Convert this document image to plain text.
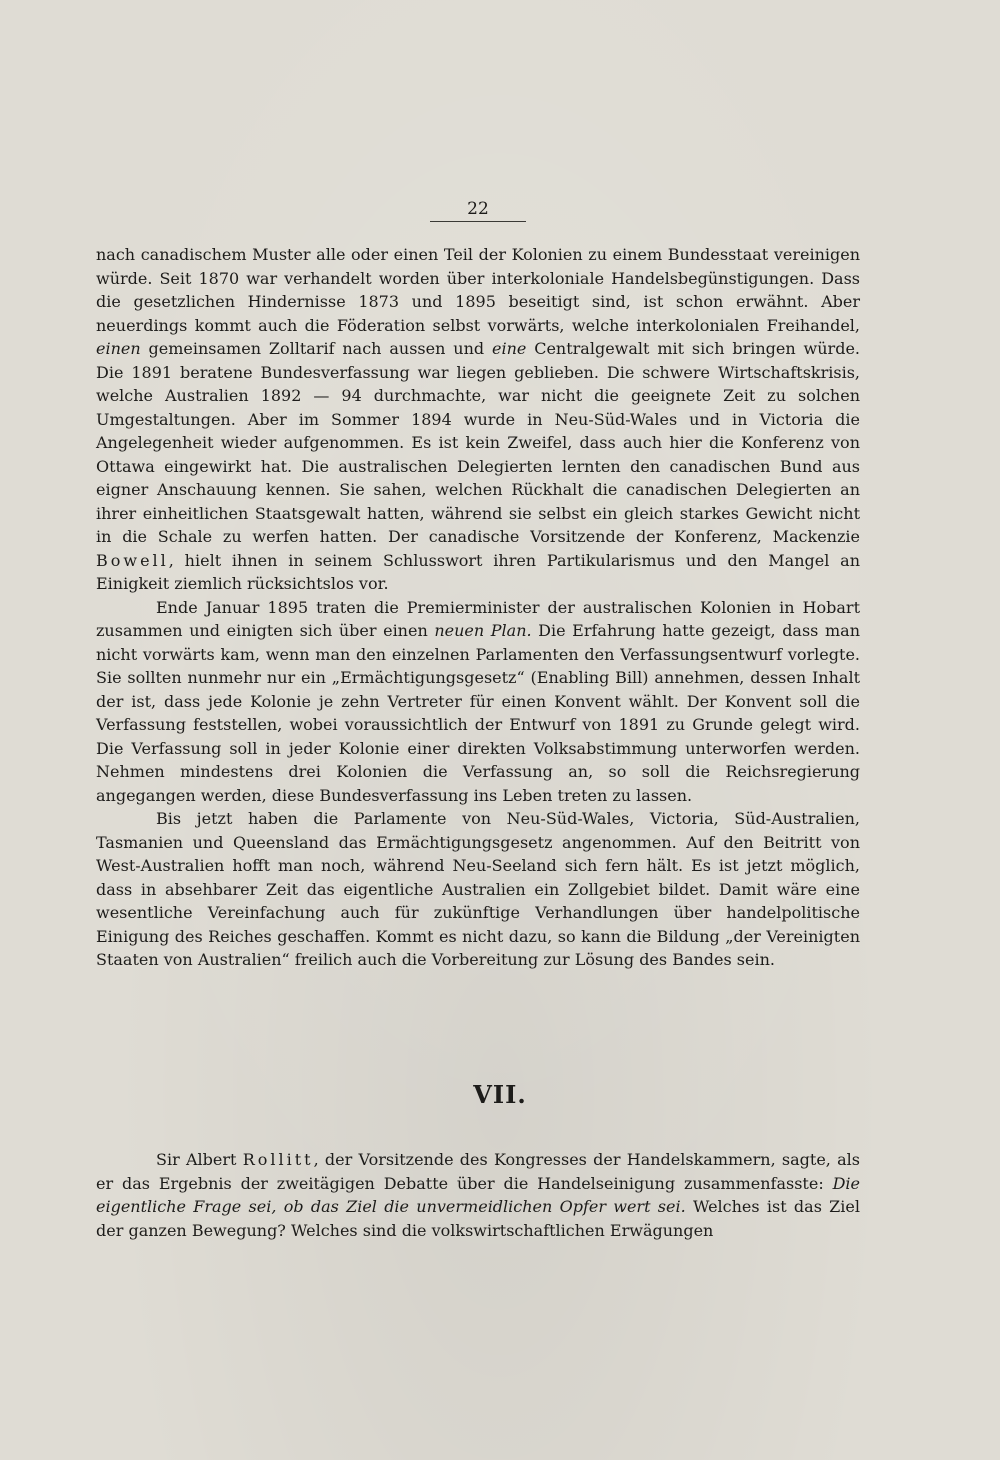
22

nach canadischem Muster alle oder einen Teil der Kolonien zu einem Bundesstaat vereinigen würde. Seit 1870 war verhandelt worden über interkoloniale Handelsbegünstigungen. Dass die gesetzlichen Hindernisse 1873 und 1895 beseitigt sind, ist schon erwähnt. Aber neuerdings kommt auch die Föderation selbst vorwärts, welche interkolonialen Freihandel, einen gemeinsamen Zolltarif nach aussen und eine Centralgewalt mit sich bringen würde. Die 1891 beratene Bundesverfassung war liegen geblieben. Die schwere Wirtschaftskrisis, welche Australien 1892 — 94 durchmachte, war nicht die geeignete Zeit zu solchen Umgestaltungen. Aber im Sommer 1894 wurde in Neu-Süd-Wales und in Victoria die Angelegenheit wieder aufgenommen. Es ist kein Zweifel, dass auch hier die Konferenz von Ottawa eingewirkt hat. Die australischen Delegierten lernten den canadischen Bund aus eigner Anschauung kennen. Sie sahen, welchen Rückhalt die canadischen Delegierten an ihrer einheitlichen Staatsgewalt hatten, während sie selbst ein gleich starkes Gewicht nicht in die Schale zu werfen hatten. Der canadische Vorsitzende der Konferenz, Mackenzie Bowell, hielt ihnen in seinem Schlusswort ihren Partikularismus und den Mangel an Einigkeit ziemlich rücksichtslos vor.

Ende Januar 1895 traten die Premierminister der australischen Kolonien in Hobart zusammen und einigten sich über einen neuen Plan. Die Erfahrung hatte gezeigt, dass man nicht vorwärts kam, wenn man den einzelnen Parlamenten den Verfassungsentwurf vorlegte. Sie sollten nunmehr nur ein „Ermächtigungsgesetz“ (Enabling Bill) annehmen, dessen Inhalt der ist, dass jede Kolonie je zehn Vertreter für einen Konvent wählt. Der Konvent soll die Verfassung feststellen, wobei voraussichtlich der Entwurf von 1891 zu Grunde gelegt wird. Die Verfassung soll in jeder Kolonie einer direkten Volksabstimmung unterworfen werden. Nehmen mindestens drei Kolonien die Verfassung an, so soll die Reichsregierung angegangen werden, diese Bundesverfassung ins Leben treten zu lassen.

Bis jetzt haben die Parlamente von Neu-Süd-Wales, Victoria, Süd-Australien, Tasmanien und Queensland das Ermächtigungsgesetz angenommen. Auf den Beitritt von West-Australien hofft man noch, während Neu-Seeland sich fern hält. Es ist jetzt möglich, dass in absehbarer Zeit das eigentliche Australien ein Zollgebiet bildet. Damit wäre eine wesentliche Vereinfachung auch für zukünftige Verhandlungen über handelpolitische Einigung des Reiches geschaffen. Kommt es nicht dazu, so kann die Bildung „der Vereinigten Staaten von Australien“ freilich auch die Vorbereitung zur Lösung des Bandes sein.

VII.

Sir Albert Rollitt, der Vorsitzende des Kongresses der Handelskammern, sagte, als er das Ergebnis der zweitägigen Debatte über die Handelseinigung zusammenfasste: Die eigentliche Frage sei, ob das Ziel die unvermeidlichen Opfer wert sei. Welches ist das Ziel der ganzen Bewegung? Welches sind die volkswirtschaftlichen Erwägungen
